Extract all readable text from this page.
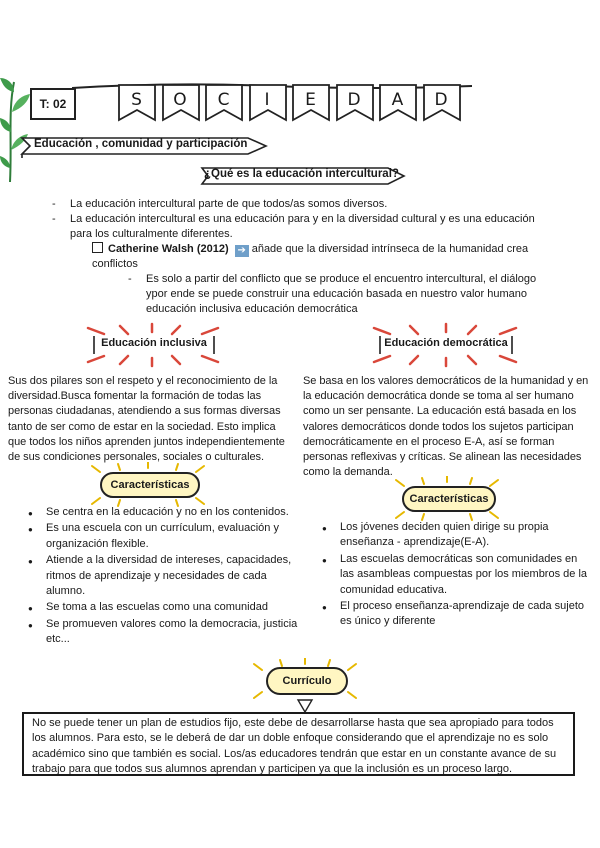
T: 02	S	O	C	I	E	D	A	D
Educación , comunidad y participación
¿Qué es la educación intercultural?
- La educación intercultural parte de que todos/as somos diversos.
- La educación intercultural es una educación para y en la diversidad cultural y es una educación para los culturalmente diferentes.
Catherine Walsh (2012) ➔ añade que la diversidad intrínseca de la humanidad crea conflictos
- Es solo a partir del conflicto que se produce el encuentro intercultural, el diálogo ypor ende se puede construir una educación basada en nuestro valor humano educación inclusiva educación democrática
Educación inclusiva	Educación democrática
Sus dos pilares son el respeto y el reconocimiento de la diversidad.Busca fomentar la formación de todas las personas ciudadanas, atendiendo a sus formas diversas tanto de ser como de estar en la sociedad. Esto implica que todos los niños aprenden juntos independientemente de sus condiciones personales, sociales o culturales.
Se basa en los valores democráticos de la humanidad y en la educación democrática donde se toma al ser humano como un ser pensante. La educación está basada en los valores democráticos donde todos los sujetos participan democráticamente en el proceso E-A, así se forman personas reflexivas y críticas. Se alinean las necesidades como la demanda.
Características
Características
● Se centra en la educación y no en los contenidos.
● Es una escuela con un currículum, evaluación y organización flexible.
● Atiende a la diversidad de intereses, capacidades, ritmos de aprendizaje y necesidades de cada alumno.
● Se toma a las escuelas como una comunidad
● Se promueven valores como la democracia, justicia etc...
● Los jóvenes deciden quien dirige su propia enseñanza - aprendizaje(E-A).
● Las escuelas democráticas son comunidades en las asambleas compuestas por los miembros de la comunidad educativa.
● El proceso enseñanza-aprendizaje de cada sujeto es único y diferente
Currículo
No se puede tener un plan de estudios fijo, este debe de desarrollarse hasta que sea apropiado para todos los alumnos. Para esto, se le deberá de dar un doble enfoque considerando que el aprendizaje no es solo académico sino que también es social. Los/as educadores tendrán que estar en un constante avance de su trabajo para que todos sus alumnos aprendan y participen ya que la inclusión es un proceso largo.
